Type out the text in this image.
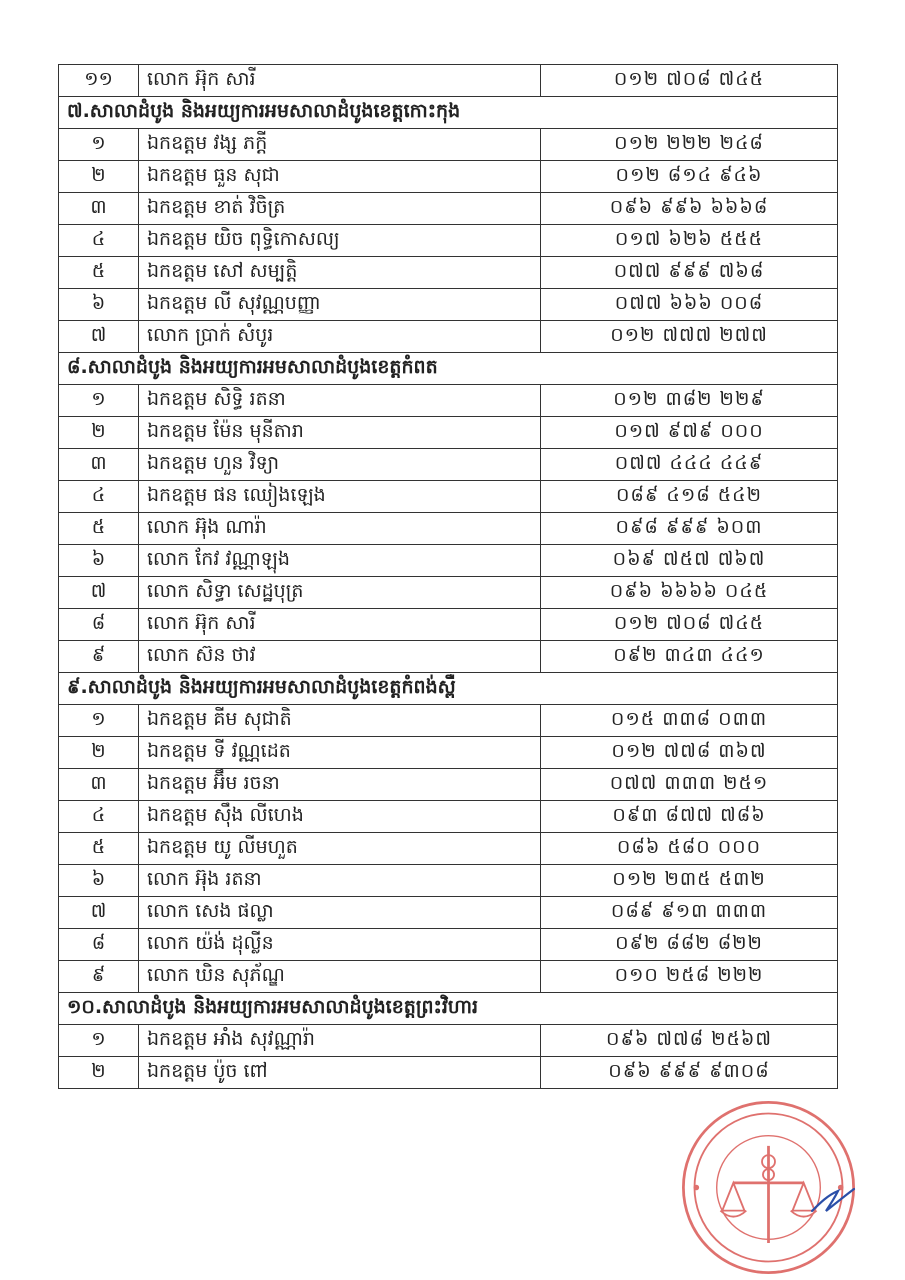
១១	លោក អ៊ុក សារី	០១២ ៧០៨ ៧៤៥
៧.សាលាដំបូង និងអយ្យការអមសាលាដំបូងខេត្តកោះកុង		
១	ឯកឧត្តម វង្ស ភក្តី	០១២ ២២២ ២៤៨
២	ឯកឧត្តម ធួន សុជា	០១២ ៨១៤ ៩៤៦
៣	ឯកឧត្តម ខាត់ វិចិត្រ	០៩៦ ៩៩៦ ៦៦៦៨
៤	ឯកឧត្តម យិច ពុទ្ធិកោសល្យ	០១៧ ៦២៦ ៥៥៥
៥	ឯកឧត្តម សៅ សម្បត្តិ	០៧៧ ៩៩៩ ៧៦៨
៦	ឯកឧត្តម លី សុវណ្ណបញ្ញា	០៧៧ ៦៦៦ ០០៨
៧	លោក ប្រាក់ សំបូរ	០១២ ៧៧៧ ២៧៧
៨.សាលាដំបូង និងអយ្យការអមសាលាដំបូងខេត្តកំពត		
១	ឯកឧត្តម សិទ្ធិ រតនា	០១២ ៣៨២ ២២៩
២	ឯកឧត្តម ម៉ែន មុនីតារា	០១៧ ៩៧៩ ០០០
៣	ឯកឧត្តម ហួន វិទ្យា	០៧៧ ៤៤៤ ៤៤៩
៤	ឯកឧត្តម ផន ឈៀងឡេង	០៨៩ ៤១៨ ៥៤២
៥	លោក អ៊ុង ណារ៉ា	០៩៨ ៩៩៩ ៦០៣
៦	លោក កែវ វណ្ណាឡុង	០៦៩ ៧៥៧ ៧៦៧
៧	លោក សិទ្ធា សេដ្ឋបុត្រ	០៩៦ ៦៦៦៦ ០៤៥
៨	លោក អ៊ុក សារី	០១២ ៧០៨ ៧៤៥
៩	លោក ស៊ន ថាវ	០៩២ ៣៤៣ ៤៤១
៩.សាលាដំបូង និងអយ្យការអមសាលាដំបូងខេត្តកំពង់ស្ពឺ		
១	ឯកឧត្តម គីម សុជាតិ	០១៥ ៣៣៨ ០៣៣
២	ឯកឧត្តម ទី វណ្ណដេត	០១២ ៧៧៨ ៣៦៧
៣	ឯកឧត្តម អ៊ឹម រចនា	០៧៧ ៣៣៣ ២៥១
៤	ឯកឧត្តម ស៊ឹង លីហេង	០៩៣ ៨៧៧ ៧៨៦
៥	ឯកឧត្តម យូ លីមហួត	០៨៦ ៥៨០ ០០០
៦	លោក អ៊ុង រតនា	០១២ ២៣៥ ៥៣២
៧	លោក សេង ផល្លា	០៨៩ ៩១៣ ៣៣៣
៨	លោក យ៉ង់ ដុល្លីន	០៩២ ៨៨២ ៨២២
៩	លោក ឃិន សុភ័ណ្ឌ	០១០ ២៥៨ ២២២
១០.សាលាដំបូង និងអយ្យការអមសាលាដំបូងខេត្តព្រះវិហារ		
១	ឯកឧត្តម អាំង សុវណ្ណារ៉ា	០៩៦ ៧៧៨ ២៥៦៧
២	ឯកឧត្តម ប៉ូច ពៅ	០៩៦ ៩៩៩ ៩៣០៨
